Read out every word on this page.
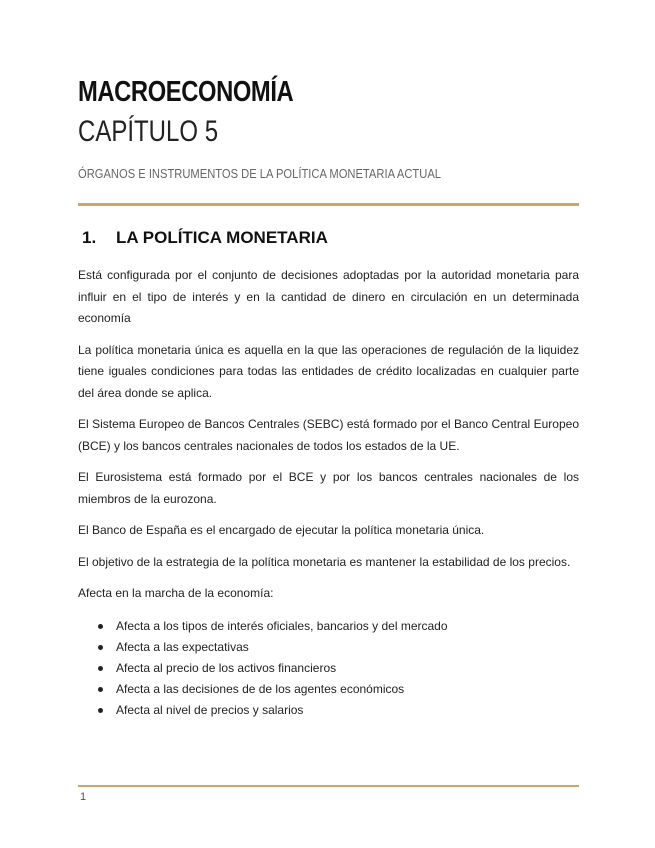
MACROECONOMÍA
CAPÍTULO 5
ÓRGANOS E INSTRUMENTOS DE LA POLÍTICA MONETARIA ACTUAL
1. LA POLÍTICA MONETARIA

Está configurada por el conjunto de decisiones adoptadas por la autoridad monetaria para influir en el tipo de interés y en la cantidad de dinero en circulación en un determinada economía

La política monetaria única es aquella en la que las operaciones de regulación de la liquidez tiene iguales condiciones para todas las entidades de crédito localizadas en cualquier parte del área donde se aplica.

El Sistema Europeo de Bancos Centrales (SEBC) está formado por el Banco Central Europeo (BCE) y los bancos centrales nacionales de todos los estados de la UE.

El Eurosistema está formado por el BCE y por los bancos centrales nacionales de los miembros de la eurozona.

El Banco de España es el encargado de ejecutar la política monetaria única.

El objetivo de la estrategia de la política monetaria es mantener la estabilidad de los precios.

Afecta en la marcha de la economía:

Afecta a los tipos de interés oficiales, bancarios y del mercado
Afecta a las expectativas
Afecta al precio de los activos financieros
Afecta a las decisiones de de los agentes económicos
Afecta al nivel de precios y salarios
1
